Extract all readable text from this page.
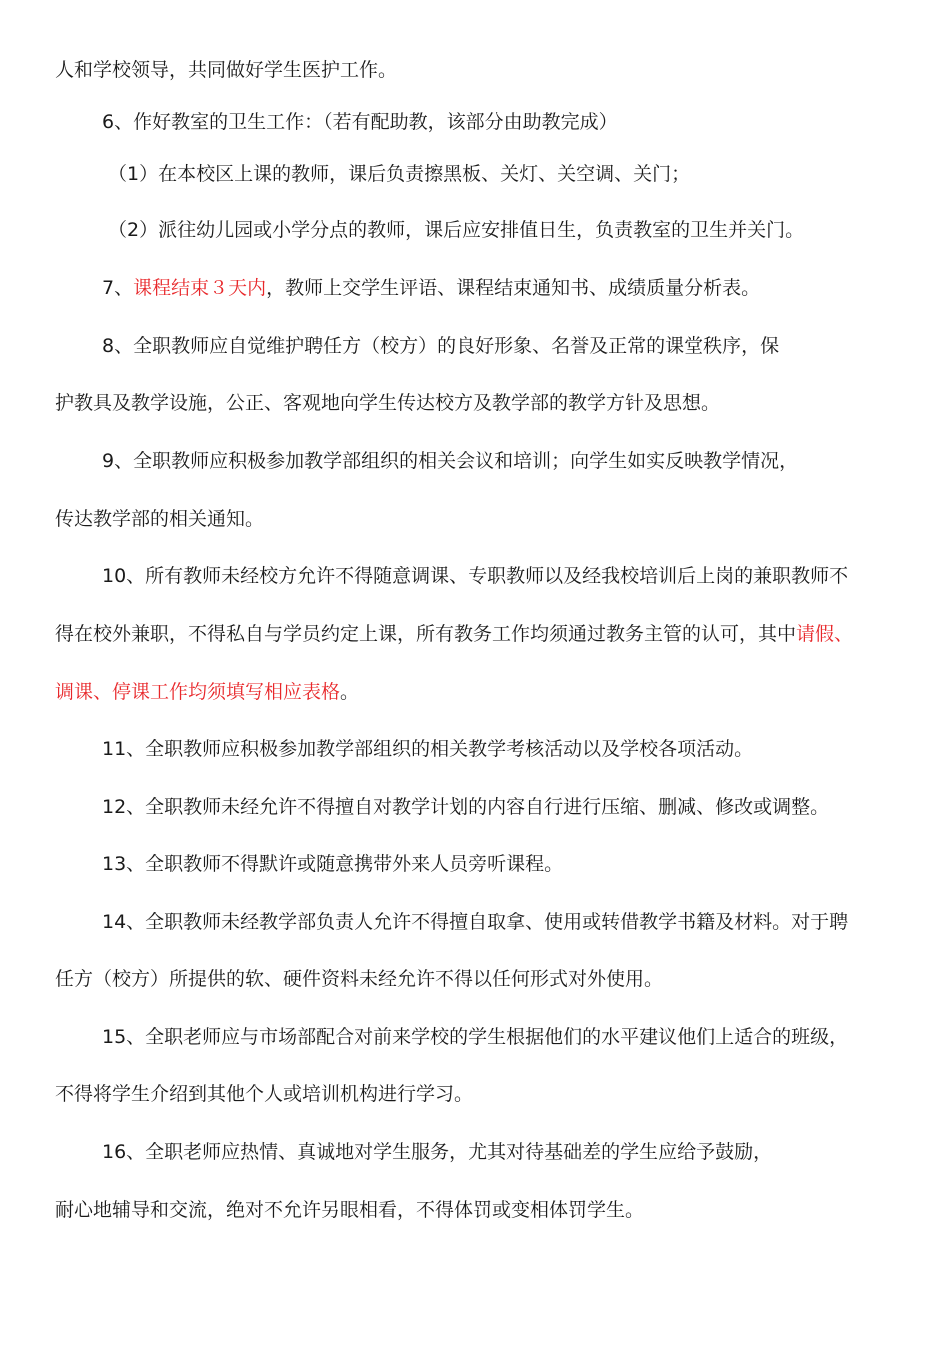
人和学校领导，共同做好学生医护工作。
6、作好教室的卫生工作：（若有配助教，该部分由助教完成）
（1）在本校区上课的教师，课后负责擦黑板、关灯、关空调、关门；
（2）派往幼儿园或小学分点的教师，课后应安排值日生，负责教室的卫生并关门。
7、课程结束３天内，教师上交学生评语、课程结束通知书、成绩质量分析表。
8、全职教师应自觉维护聘任方（校方）的良好形象、名誉及正常的课堂秩序，保
护教具及教学设施，公正、客观地向学生传达校方及教学部的教学方针及思想。
9、全职教师应积极参加教学部组织的相关会议和培训；向学生如实反映教学情况，
传达教学部的相关通知。
10、所有教师未经校方允许不得随意调课、专职教师以及经我校培训后上岗的兼职教师不
得在校外兼职，不得私自与学员约定上课，所有教务工作均须通过教务主管的认可，其中请假、
调课、停课工作均须填写相应表格。
11、全职教师应积极参加教学部组织的相关教学考核活动以及学校各项活动。
12、全职教师未经允许不得擅自对教学计划的内容自行进行压缩、删减、修改或调整。
13、全职教师不得默许或随意携带外来人员旁听课程。
14、全职教师未经教学部负责人允许不得擅自取拿、使用或转借教学书籍及材料。对于聘
任方（校方）所提供的软、硬件资料未经允许不得以任何形式对外使用。
15、全职老师应与市场部配合对前来学校的学生根据他们的水平建议他们上适合的班级，
不得将学生介绍到其他个人或培训机构进行学习。
16、全职老师应热情、真诚地对学生服务，尤其对待基础差的学生应给予鼓励，
耐心地辅导和交流，绝对不允许另眼相看，不得体罚或变相体罚学生。
